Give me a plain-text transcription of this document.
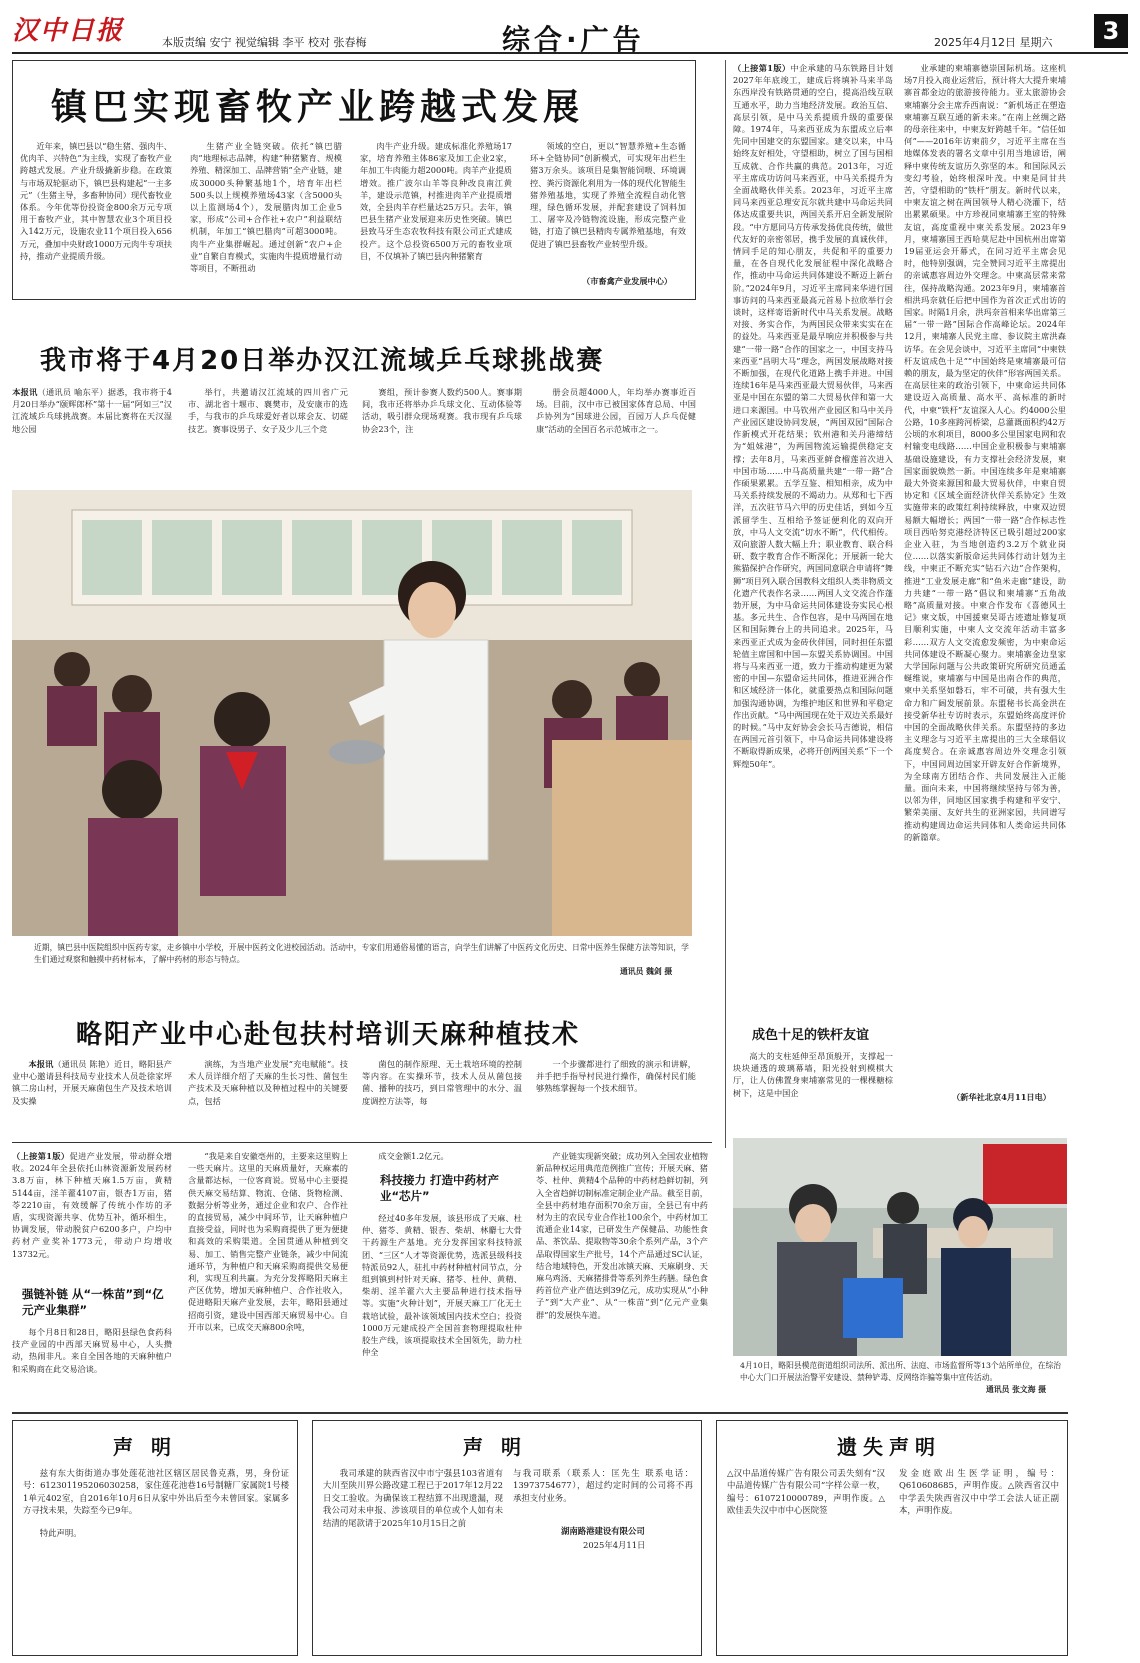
汉中日报	本版责编 安宁 视觉编辑 李平 校对 张春梅	综合·广告	2025年4月12日 星期六	3
镇巴实现畜牧产业跨越式发展
近年来，镇巴县以“稳生猪、强肉牛、优肉羊、兴特色”为主线，实现了畜牧产业跨越式发展。产业升级撬新步稳。在政策与市场双轮驱动下，镇巴县构建起“一主多元”（生猪主导，多畜种协同）现代畜牧业体系。今年优等份投资金800余万元专项用于畜牧产业，其中智慧农业3个项目投入142万元，设施农业11个项目投入656万元，叠加中央财政1000万元肉牛专项扶持，推动产业提质升级。
生猪产业全链突破。依托“镇巴腊肉”地理标志品牌，构建“种猪繁育、规模养殖、精深加工、品牌营销”全产业链，建成30000头种繁基地1个，培育年出栏500头以上规模养殖场43家（含5000头以上监测场4个），发展腊肉加工企业5家，形成“公司+合作社+农户”利益联结机制，年加工“镇巴腊肉”可超3000吨。肉牛产业集群崛起。通过创新“农户+企业”自繁自育模式，实施肉牛提质增量行动等项目，不断扭动
肉牛产业升级。建成标准化养殖场17家，培育养殖主体86家及加工企业2家，年加工牛肉能力超2000吨。肉羊产业提质增效。推广波尔山羊等良种改良南江黄羊，建设示范镇，村推进肉羊产业提质增效，全县肉羊存栏量达25万只。去年，镇巴县生猪产业发展迎来历史性突破。镇巴县致马牙生态农牧科技有限公司正式建成投产。这个总投资6500万元的畜牧业项目，不仅填补了镇巴县内种猪繁育
领域的空白，更以“智慧养殖+生态循环+全链协同”创新模式，可实现年出栏生猪3万余头。该项目是集智能饲喂、环境调控、粪污资源化利用为一体的现代化智能生猪养殖基地，实现了养殖全流程自动化管理，绿色循环发展，并配套建设了饲料加工、屠宰及冷链物流设施，形成完整产业链，打造了镇巴县精肉专属养殖基地，有效促进了镇巴县畜牧产业转型升级。
（市畜禽产业发展中心）
我市将于4月20日举办汉江流域乒乓球挑战赛
本报讯（通讯员 喻东平）据悉，我市将于4月20日举办“颐辉郎杯”第十一届“阿如三”汉江流域乒乓球挑战赛。本届比赛将在天汉湿地公园
举行，共邀请汉江流域的四川省广元市、湖北省十堰市、襄樊市，及安康市的选手，与我市的乒乓球爱好者以球会友、切磋技艺。赛事设男子、女子及少儿三个竞
赛组，预计参赛人数约500人。赛事期间，我市还将举办乒乓球文化、互动体验等活动，吸引群众现场观赛。我市现有乒乓球协会23个，注
册会员超4000人，年均举办赛事近百场。目前，汉中市已被国家体育总局、中国乒协列为“国球进公园，百园万人乒乓促健康”活动的全国百名示范城市之一。
近期，镇巴县中医院组织中医药专家，走乡镇中小学校，开展中医药文化进校园活动。活动中，专家们用通俗易懂的语言，向学生们讲解了中医药文化历史、日常中医养生保健方法等知识，学生们通过观察和触摸中药材标本，了解中药材的形态与特点。
通讯员 魏剑 摄
略阳产业中心赴包扶村培训天麻种植技术
本报讯（通讯员 陈艳）近日，略阳县产业中心邀请县科技局专业技术人员赴徐家坪镇二房山村，开展天麻菌包生产及技术培训及实操
演练，为当地产业发展“充电赋能”。技术人员详细介绍了天麻的生长习性、菌包生产技术及天麻种植以及种植过程中的关键要点，包括
菌包的制作原理、无土栽培环境的控制等内容。在实操环节，技术人员从菌包接菌、播种的技巧，到日常管理中的水分、温度调控方法等，每
一个步骤都进行了细致的演示和讲解，并手把手指导村民进行操作，确保村民们能够熟练掌握每一个技术细节。
（上接第1版）促进产业发展，带动群众增收。2024年全县依托山林资源新发展药材3.8万亩，林下种植天麻1.5万亩，黄精5144亩，淫羊藿4107亩，银杏1万亩，猪苓2210亩，有效缓解了传统小作坊的矛盾，实现资源共享、优势互补，循环相生，协调发展，带动脱贫户6200多户，户均中药材产业奖补1773元，带动户均增收13732元。
强链补链 从“一株苗”到“亿元产业集群”
每个月8日和28日，略阳县绿色食药科技产业园的中西部天麻贸易中心，人头攒动，热闹非凡。来自全国各地的天麻种植户和采购商在此交易洽谈。
“我是来自安徽亳州的，主要来这里购上一些天麻片。这里的天麻质量好，天麻素的含量都达标，一位客商说。贸易中心主要提供天麻交易结算、物流、仓储、货物检测、数据分析等业务，通过企业和农户、合作社的直接贸易，减少中间环节，让天麻种植户直接受益，同时也为采购商提供了更为便捷和高效的采购渠道。全国贯通从种植到交易、加工、销售完整产业链条，减少中间流通环节，为种植户和天麻采购商提供交易便利，实现互利共赢。为充分发挥略阳天麻主产区优势，增加天麻种植户、合作社收入，促进略阳天麻产业发展，去年，略阳县通过招商引资，建设中国西部天麻贸易中心。自开市以来，已成交天麻800余吨，
成交金额1.2亿元。
科技接力 打造中药材产业“芯片”
经过40多年发展，该县形成了天麻、杜仲、猪苓、黄精、银杏、柴胡、林麝七大骨干药源生产基地。充分发挥国家科技特派团、“三区”人才等资源优势，选派县级科技特派员92人，驻扎中药材种植村同节点，分组到镇到村针对天麻、猪苓、杜仲、黄精、柴胡、淫羊藿六大主要品种进行技术指导等。实施“火种计划”，开展天麻工厂化无土栽培试验，最补该领域国内技术空白；投资1000万元建成投产全国首套物理提取杜仲胶生产线，该项提取技术全国领先，助力杜仲全
产业链实现新突破；成功列入全国农业植物新品种权运用典范范例推广宣传；开展天麻、猪苓、杜仲、黄精4个品种的中药材趋鲜切制，列入全省趋鲜切制标准定制企业产品。截至目前，全县中药材地存面积70余万亩，全县已有中药材为主的农民专业合作社100余个，中药材加工流通企业14家，已研发生产保健品、功能性食品、茶饮品、提取物等30余个系列产品，3个产品取得国家生产批号，14个产品通过SC认证，结合地域特色，开发出冰镇天麻、天麻刷身、天麻乌鸡汤、天麻猪排骨等系列养生药膳。绿色食药首位产业产值达到39亿元，成功实现从“小种子”到“大产业”、从“一株苗”到“亿元产业集群”的发展快车道。
（上接第1版）中企承建的马东铁路目计划2027年年底竣工，建成后将填补马来半岛东西岸没有铁路贯通的空白，提高沿线互联互通水平，助力当地经济发展。政治互信、高层引领，是中马关系提质升级的重要保障。1974年，马来西亚成为东盟成立后率先同中国建交的东盟国家。建交以来，中马始终友好相处，守望相助，树立了国与国相互成就、合作共赢的典范。2013年，习近平主席成功访问马来西亚，中马关系提升为全面战略伙伴关系。2023年，习近平主席同马来西亚总理安瓦尔就共建中马命运共同体达成重要共识，两国关系开启全新发展阶段。“中方愿同马方传承发扬优良传统，做世代友好的亲密邻居，携手发展的真诚伙伴，情同手足的知心朋友，共促和平的重要力量，在各自现代化发展征程中深化战略合作，推动中马命运共同体建设不断迈上新台阶。”2024年9月，习近平主席同来华进行国事访问的马来西亚最高元首易卜拉欣举行会谈时，这样寄语新时代中马关系发展。战略对接、务实合作，为两国民众带来实实在在的益处。马来西亚是最早响应并积极参与共建“一带一路”合作的国家之一，中国支持马来西亚“昌明大马”理念，两国发展战略对接不断加强，在现代化道路上携手并进。中国连续16年是马来西亚最大贸易伙伴，马来西亚是中国在东盟的第二大贸易伙伴和第一大进口来源国。中马钦州产业园区和马中关丹产业园区建设协同发展，“两国双园”国际合作新模式开花结果；钦州港和关丹港缔结为“姐妹港”，为两国物流运输提供稳定支撑；去年8月，马来西亚鲜食榴莲首次进入中国市场……中马高质量共建“一带一路”合作硕果累累。五学互鉴、相知相亲，成为中马关系持续发展的不竭动力。从郑和七下西洋，五次驻节马六甲的历史佳话，到如今互派留学生、互相给予签证便利化的双向开放，中马人文交流“切水不断”，代代相传。双向旅游人数大幅上升；职业教育、联合科研、数字教育合作不断深化；开展新一轮大熊猫保护合作研究，两国同意联合申请将“舞狮”项目列入联合国教科文组织人类非物质文化遗产代表作名录……两国人文交流合作蓬勃开展，为中马命运共同体建设夯实民心根基。多元共生、合作包容，是中马两国在地区和国际舞台上的共同追求。2025年，马来西亚正式成为金砖伙伴国，同时担任东盟轮值主席国和中国—东盟关系协调国。中国将与马来西亚一道，致力于推动构建更为紧密的中国—东盟命运共同体，推进亚洲合作和区域经济一体化，就重要热点和国际问题加强沟通协调，为维护地区和世界和平稳定作出贡献。“马中两国现在处于双边关系最好的时候。”马中友好协会会长马吉德说，相信在两国元首引领下，中马命运共同体建设将不断取得新成果，必将开创两国关系“下一个辉煌50年”。
成色十足的铁杆友谊
高大的支柱延伸至昂顶般开，支撑起一块块通透的玻璃幕墙，阳光投射到模棋大厅，让人仿佛置身柬埔寨常见的一棵棵糖棕树下，这是中国企
业承建的柬埔寨德崇国际机场。这座机场7月投入商业运营后，预计将大大提升柬埔寨首都金边的旅游接待能力。亚太旅游协会柬埔寨分会主席乔西南说：“新机场正在塑造柬埔寨互联互通的新未来。”在南上丝绸之路的母亲往来中，中柬友好跨越千年。“信任如何”——2016年访柬前夕，习近平主席在当地媒体发表的署名文章中引用当地谚语，阐释中柬传统友谊历久弥坚的本。和国际风云变幻考验，始终根深叶茂。中柬是同甘共苦，守望相助的“铁杆”朋友。新时代以来，中柬友谊之树在两国领导人精心浇灌下，结出累累硕果。中方珍视同柬埔寨王室的特殊友谊，高度重视中柬关系发展。2023年9月，柬埔寨国王西哈莫尼赴中国杭州出席第19届亚运会开幕式，在同习近平主席会见时，他特别强调，完全赞同习近平主席提出的亲诚惠容周边外交理念。中柬高层常来常往，保持战略沟通。2023年9月，柬埔寨首相洪玛奈就任后把中国作为首次正式出访的国家。时隔1月余，洪玛奈首相来华出席第三届“一带一路”国际合作高峰论坛。2024年12月，柬埔寨人民党主席、参议院主席洪森访华。在会见会谈中，习近平主席同“中柬铁杆友谊成色十足”“中国始终是柬埔寨最可信赖的朋友，最为坚定的伙伴”形容两国关系。在高层往来的政治引领下，中柬命运共同体建设迈入高质量、高水平、高标准的新时代，中柬“铁杆”友谊深入人心。约4000公里公路，10多座跨河桥梁，总灌溉面积约42万公顷的水利项目，8000多公里国家电网和农村输变电线路……中国企业积极参与柬埔寨基础设施建设，有力支撑社会经济发展，柬国家面貌焕然一新。中国连续多年是柬埔寨最大外资来源国和最大贸易伙伴，中柬自贸协定和《区域全面经济伙伴关系协定》生效实施带来的政策红利持续释放，中柬双边贸易额大幅增长；两国“一带一路”合作标志性项目西哈努克港经济特区已吸引超过200家企业入驻，为当地创造约3.2万个就业岗位……以落实新版命运共同体行动计划为主线，中柬正不断充实“钻石六边”合作架构，推进“工业发展走廊”和“鱼米走廊”建设，助力共建“一带一路”倡议和柬埔寨“五角战略”高质量对接。中柬合作发布《喜德风土记》柬文版，中国援柬吴哥古迹遗址修复项目顺利实施，中柬人文交流年活动丰富多彩……双方人文交流愈发频密，为中柬命运共同体建设不断凝心聚力。柬埔寨金边皇家大学国际问题与公共政策研究所研究员通孟蜒维说，柬埔寨与中国是出南合作的典范，柬中关系坚如磐石，牢不可破，共有强大生命力和广阔发展前景。东盟秘书长高金洪在接受新华社专访时表示，东盟始终高度评价中国的全面战略伙伴关系。东盟坚持的多边主义理念与习近平主席提出的三大全球倡议高度契合。在亲诚惠容周边外交理念引领下，中国同周边国家开辟友好合作新境界，为全球南方团结合作、共同发展注入正能量。面向未来，中国将继续坚持与邻为善，以邻为伴，同地区国家携手构建和平安宁、繁荣美丽、友好共生的亚洲家园，共同谱写推动构建周边命运共同体和人类命运共同体的新篇章。
（新华社北京4月11日电）
4月10日，略阳县模范街道组织司法所、派出所、法庭、市场监督所等13个站所单位，在综治中心大门口开展法治警平安建设、禁种铲毒、反网络诈骗等集中宣传活动。
通讯员 张文海 摄
声明
兹有东大街街道办事处莲花池社区辖区居民鲁克燕，男，身份证号：612301195206030258，家住莲花池巷16号制糖厂家属院1号楼1单元402室，自2016年10月6日从家中外出后至今未曾回家。家属多方寻找未果，失踪至今已9年。
特此声明。
声明
我司承建的陕西省汉中市宁强县103省道有大川至陕川界公路改建工程已于2017年12月22日交工验收。为确保该工程结算不出现遗漏，现我公司对未申报、涉该项目的单位或个人如有未结清的尾款请于2025年10月15日之前
与我司联系（联系人：匡先生 联系电话：13973754677），超过约定时间的公司将不再承担支付业务。
湖南路港建设有限公司
2025年4月11日
遗失声明
△汉中品道传媒广告有限公司丢失刻有“汉中品道传媒广告有限公司”字样公章一枚，编号：6107210000789，声明作废。△欧佳丢失汉中市中心医院签
发金庭欧出生医学证明，编号：Q610608685，声明作废。△陕西省汉中中学丢失陕西省汉中中学工会法人证正副本，声明作废。
